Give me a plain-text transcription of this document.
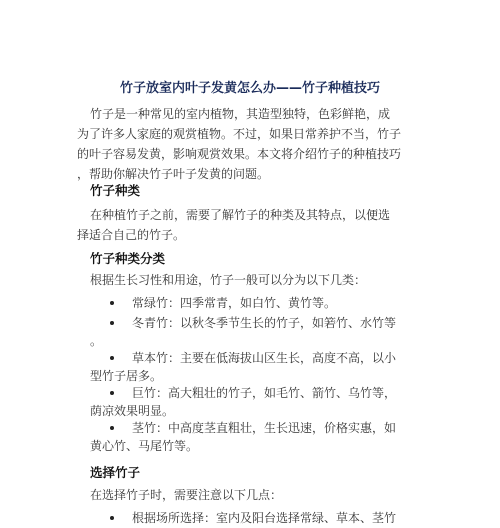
竹子放室内叶子发黄怎么办——竹子种植技巧

竹子是一种常见的室内植物，其造型独特，色彩鲜艳，成
为了许多人家庭的观赏植物。不过，如果日常养护不当，竹子
的叶子容易发黄，影响观赏效果。本文将介绍竹子的种植技巧
，帮助你解决竹子叶子发黄的问题。

竹子种类

在种植竹子之前，需要了解竹子的种类及其特点，以便选
择适合自己的竹子。

竹子种类分类
根据生长习性和用途，竹子一般可以分为以下几类：
常绿竹：四季常青，如白竹、黄竹等。
冬青竹：以秋冬季节生长的竹子，如箬竹、水竹等
。
草本竹：主要在低海拔山区生长，高度不高，以小
型竹子居多。
巨竹：高大粗壮的竹子，如毛竹、箭竹、乌竹等，
荫凉效果明显。
茎竹：中高度茎直粗壮，生长迅速，价格实惠，如
黄心竹、马尾竹等。
选择竹子
在选择竹子时，需要注意以下几点：
根据场所选择：室内及阳台选择常绿、草本、茎竹
